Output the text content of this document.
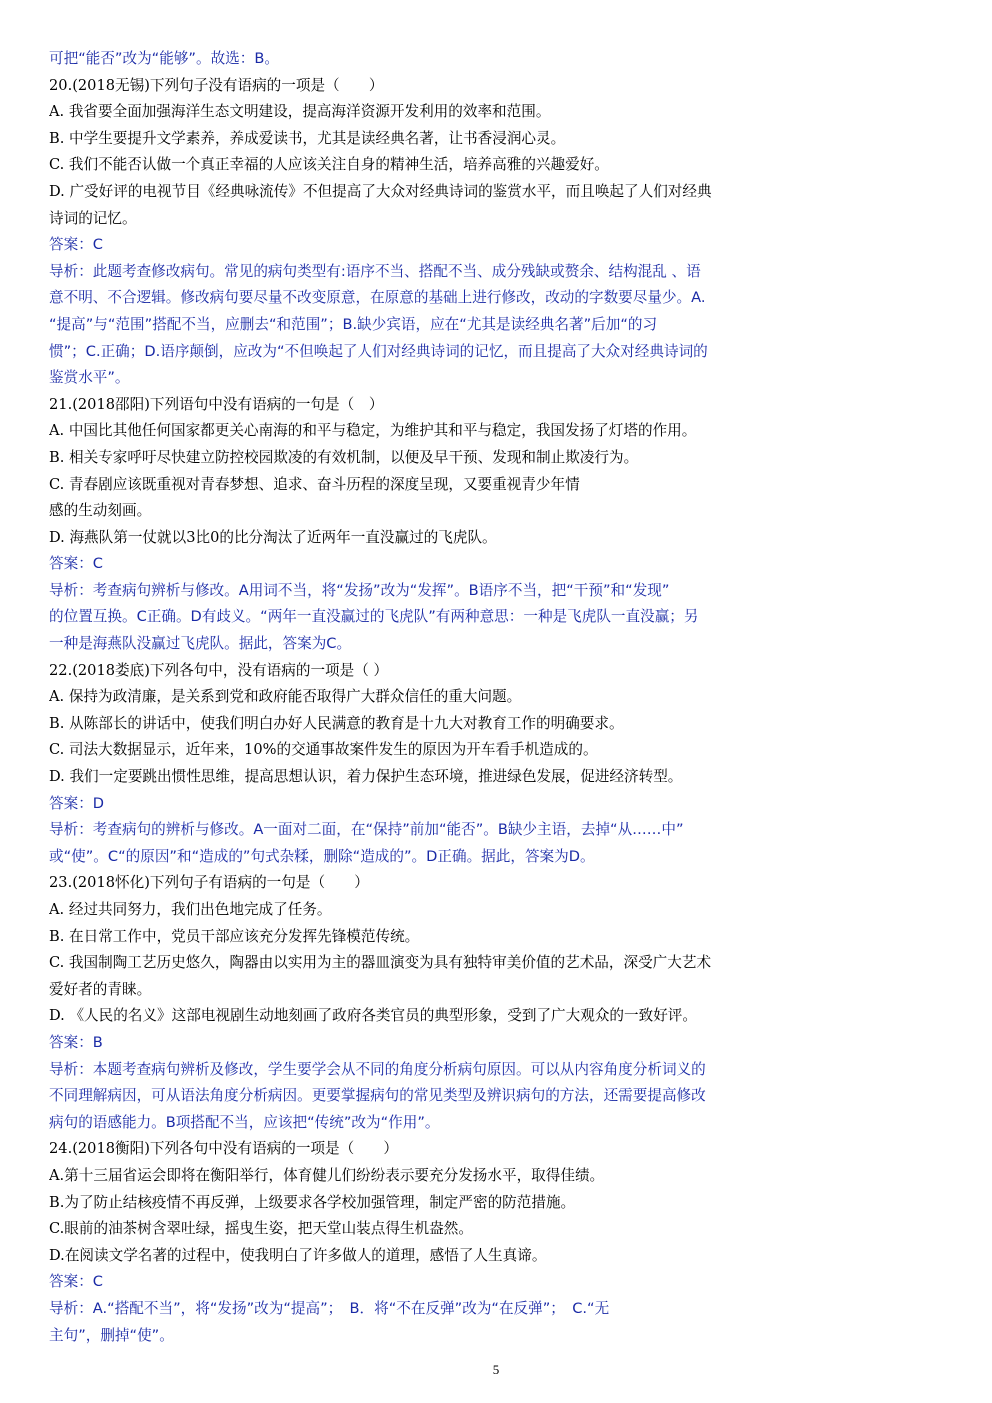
可把“能否”改为“能够”。故选：B。
20.(2018无锡)下列句子没有语病的一项是（　　）
A. 我省要全面加强海洋生态文明建设，提高海洋资源开发利用的效率和范围。
B. 中学生要提升文学素养，养成爱读书，尤其是读经典名著，让书香浸润心灵。
C. 我们不能否认做一个真正幸福的人应该关注自身的精神生活，培养高雅的兴趣爱好。
D. 广受好评的电视节目《经典咏流传》不但提高了大众对经典诗词的鉴赏水平，而且唤起了人们对经典
诗词的记忆。
答案：C
导析：此题考查修改病句。常见的病句类型有:语序不当、搭配不当、成分残缺或赘余、结构混乱 、语
意不明、不合逻辑。修改病句要尽量不改变原意，在原意的基础上进行修改，改动的字数要尽量少。A.
“提高”与“范围”搭配不当，应删去“和范围”；B.缺少宾语，应在“尤其是读经典名著”后加“的习
惯”；C.正确；D.语序颠倒，应改为“不但唤起了人们对经典诗词的记忆，而且提高了大众对经典诗词的
鉴赏水平”。
21.(2018邵阳)下列语句中没有语病的一句是（　）
A. 中国比其他任何国家都更关心南海的和平与稳定，为维护其和平与稳定，我国发扬了灯塔的作用。
B. 相关专家呼吁尽快建立防控校园欺凌的有效机制，以便及早干预、发现和制止欺凌行为。
C. 青春剧应该既重视对青春梦想、追求、奋斗历程的深度呈现，又要重视青少年情
感的生动刻画。
D. 海燕队第一仗就以3比0的比分淘汰了近两年一直没赢过的飞虎队。
答案：C
导析：考查病句辨析与修改。A用词不当，将“发扬”改为“发挥”。B语序不当，把“干预”和“发现”
的位置互换。C正确。D有歧义。“两年一直没赢过的飞虎队”有两种意思：一种是飞虎队一直没赢；另
一种是海燕队没赢过飞虎队。据此，答案为C。
22.(2018娄底)下列各句中，没有语病的一项是（ ）
A. 保持为政清廉，是关系到党和政府能否取得广大群众信任的重大问题。
B. 从陈部长的讲话中，使我们明白办好人民满意的教育是十九大对教育工作的明确要求。
C. 司法大数据显示，近年来，10%的交通事故案件发生的原因为开车看手机造成的。
D. 我们一定要跳出惯性思维，提高思想认识，着力保护生态环境，推进绿色发展，促进经济转型。
答案：D
导析：考查病句的辨析与修改。A一面对二面，在“保持”前加“能否”。B缺少主语，去掉“从……中”
或“使”。C“的原因”和“造成的”句式杂糅，删除“造成的”。D正确。据此，答案为D。
23.(2018怀化)下列句子有语病的一句是（　　）
A. 经过共同努力，我们出色地完成了任务。
B. 在日常工作中，党员干部应该充分发挥先锋模范传统。
C. 我国制陶工艺历史悠久，陶器由以实用为主的器皿演变为具有独特审美价值的艺术品，深受广大艺术
爱好者的青睐。
D. 《人民的名义》这部电视剧生动地刻画了政府各类官员的典型形象，受到了广大观众的一致好评。
答案：B
导析：本题考查病句辨析及修改，学生要学会从不同的角度分析病句原因。可以从内容角度分析词义的
不同理解病因，可从语法角度分析病因。更要掌握病句的常见类型及辨识病句的方法，还需要提高修改
病句的语感能力。B项搭配不当，应该把“传统”改为“作用”。
24.(2018衡阳)下列各句中没有语病的一项是（　　）
A.第十三届省运会即将在衡阳举行，体育健儿们纷纷表示要充分发扬水平，取得佳绩。
B.为了防止结核疫情不再反弹，上级要求各学校加强管理，制定严密的防范措施。
C.眼前的油茶树含翠吐绿，摇曳生姿，把天堂山装点得生机盎然。
D.在阅读文学名著的过程中，使我明白了许多做人的道理，感悟了人生真谛。
答案：C
导析：A.“搭配不当”，将“发扬”改为“提高”；　B．将“不在反弹”改为“在反弹”；　C.“无
主句”，删掉“使”。
5
